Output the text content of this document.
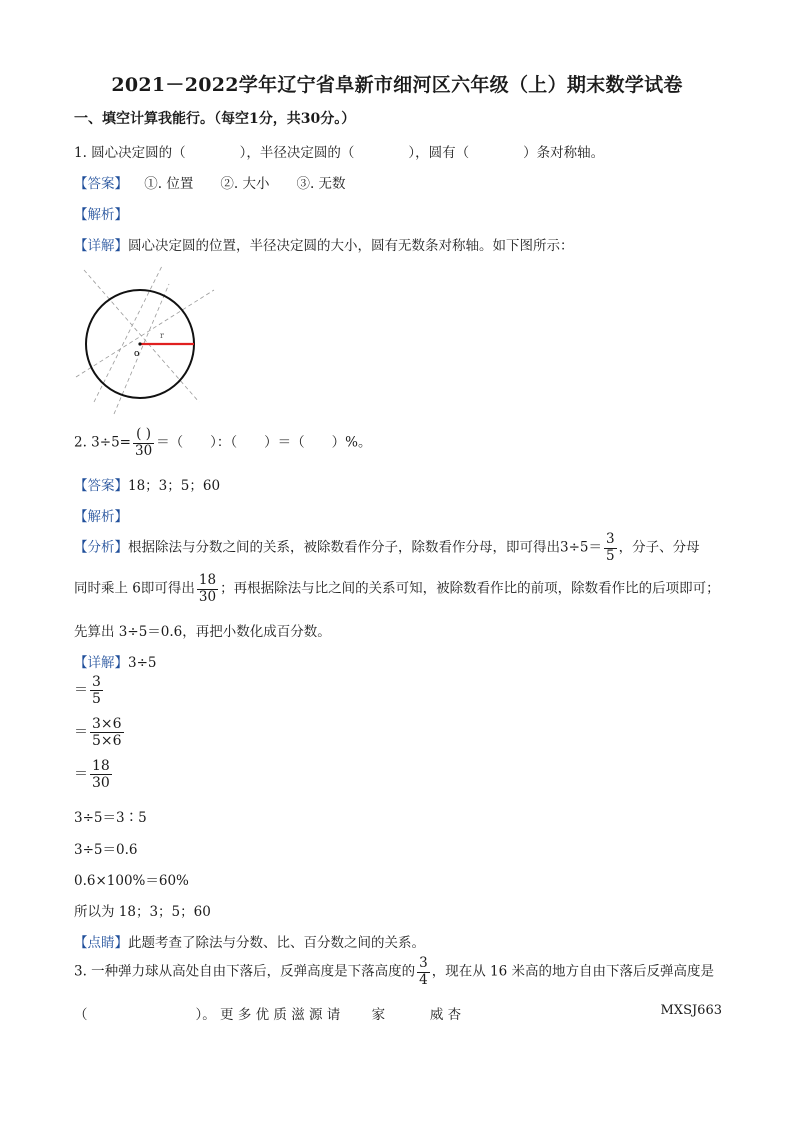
2021－2022学年辽宁省阜新市细河区六年级（上）期末数学试卷
一、填空计算我能行。（每空1分，共30分。）
1. 圆心决定圆的（　　　　），半径决定圆的（　　　　），圆有（　　　　）条对称轴。
【答案】 ①. 位置　　②. 大小　　③. 无数
【解析】
【详解】圆心决定圆的位置，半径决定圆的大小，圆有无数条对称轴。如下图所示：
o
r
2. $3\div 5= \frac{( )}{30}$ ＝（　　）：（　　）＝（　　）%。
【答案】18；3；5；60
【解析】
【分析】根据除法与分数之间的关系，被除数看作分子，除数看作分母，即可得出$3\div 5= \frac{3}{5}$ ，分子、分母
同时乘上 6即可得出 $\frac{18}{30}$ ；再根据除法与比之间的关系可知，被除数看作比的前项，除数看作比的后项即可；
先算出 3÷5＝0.6，再把小数化成百分数。
【详解】3÷5
＝ $\frac{3}{5}$
＝ $\frac{3\times 6}{5\times 6}$
＝ $\frac{18}{30}$
3÷5＝3∶5
3÷5＝0.6
0.6×100%＝60%
所以为 18；3；5；60
【点睛】此题考查了除法与分数、比、百分数之间的关系。
3. 一种弹力球从高处自由下落后，反弹高度是下落高度的 $\frac{3}{4}$ ，现在从 16 米高的地方自由下落后反弹高度是
（　　　　　　　　）。 更 多 优 质 滋 源 请　　 家　　　 威 杏	MXSJ663
